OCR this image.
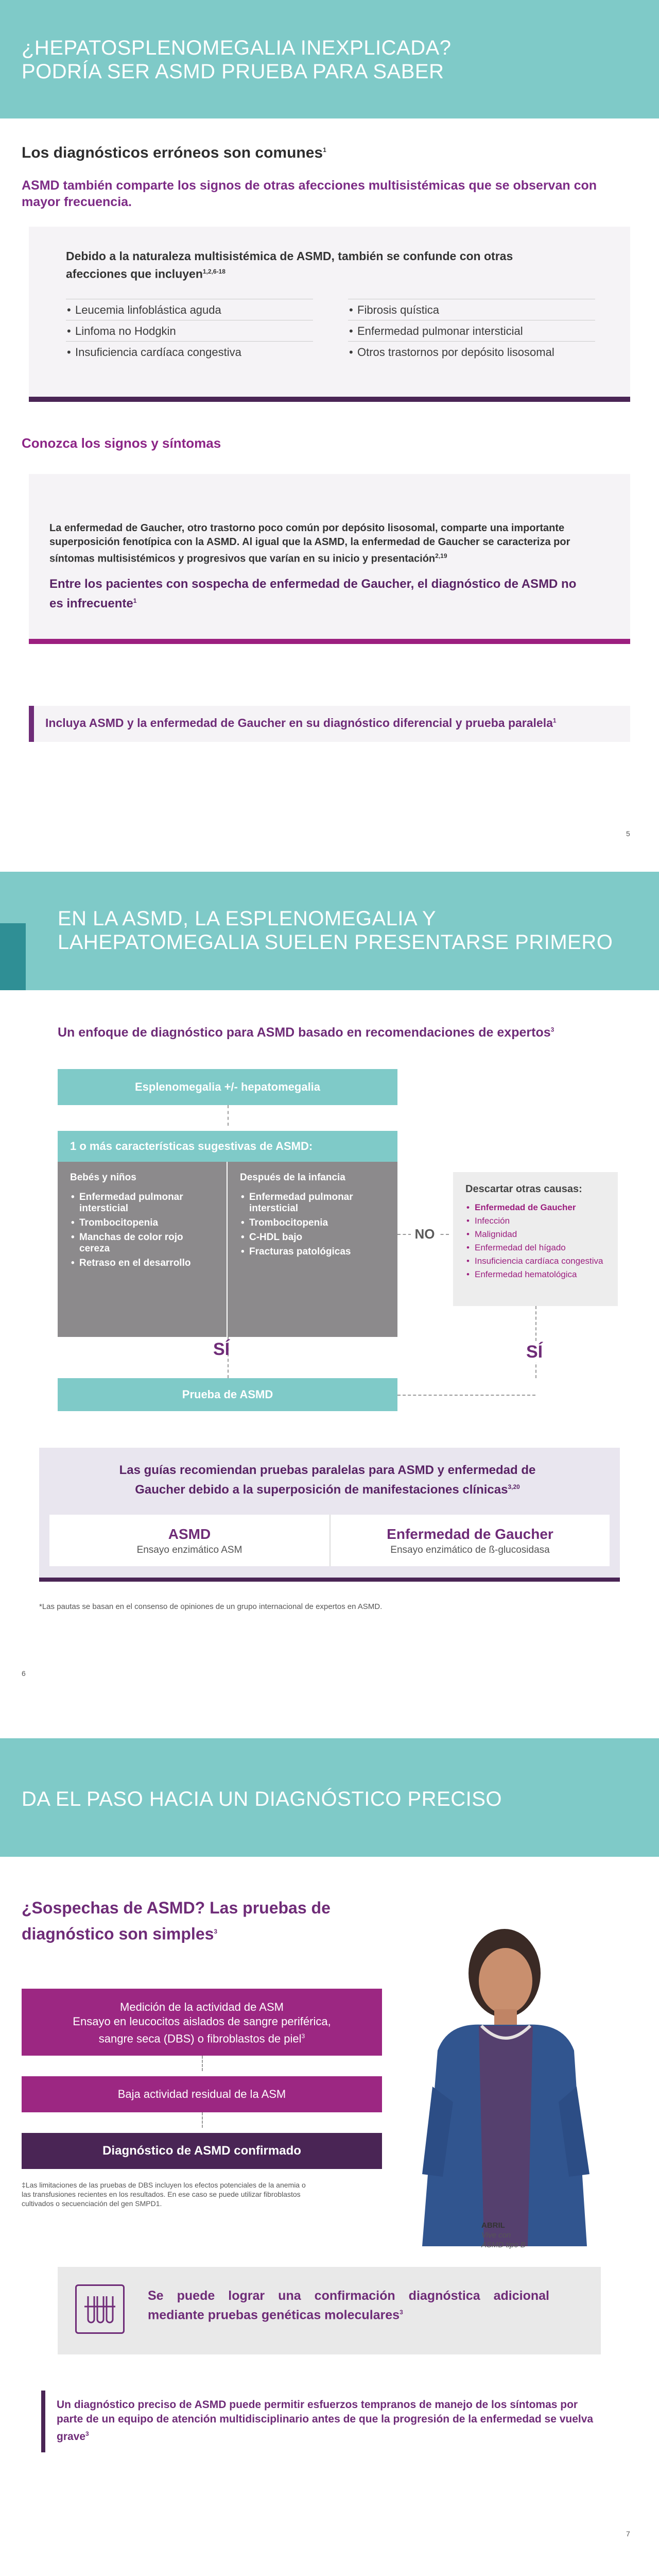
¿HEPATOSPLENOMEGALIA INEXPLICADA?
PODRÍA SER ASMD PRUEBA PARA SABER
Los diagnósticos erróneos son comunes$^1$
ASMD también comparte los signos de otras afecciones multisistémicas que se observan con mayor frecuencia.
Debido a la naturaleza multisistémica de ASMD, también se confunde con otras afecciones que incluyen$^{1,2,6-18}$
• Leucemia linfoblástica aguda
• Linfoma no Hodgkin
• Insuficiencia cardíaca congestiva
• Fibrosis quística
• Enfermedad pulmonar intersticial
• Otros trastornos por depósito lisosomal
Conozca los signos y síntomas
La enfermedad de Gaucher, otro trastorno poco común por depósito lisosomal, comparte una importante superposición fenotípica con la ASMD. Al igual que la ASMD, la enfermedad de Gaucher se caracteriza por síntomas multisistémicos y progresivos que varían en su inicio y presentación$^{2,19}$
Entre los pacientes con sospecha de enfermedad de Gaucher, el diagnóstico de ASMD no es infrecuente$^1$
Incluya ASMD y la enfermedad de Gaucher en su diagnóstico diferencial y prueba paralela$^1$
5
EN LA ASMD, LA ESPLENOMEGALIA Y
LAHEPATOMEGALIA SUELEN PRESENTARSE PRIMERO
Un enfoque de diagnóstico para ASMD basado en recomendaciones de expertos$^3$
Esplenomegalia +/- hepatomegalia
1 o más características sugestivas de ASMD:
Bebés y niños
• Enfermedad pulmonar intersticial
• Trombocitopenia
• Manchas de color rojo cereza
• Retraso en el desarrollo
Después de la infancia
• Enfermedad pulmonar intersticial
• Trombocitopenia
• C-HDL bajo
• Fracturas patológicas
NO
Descartar otras causas:
• Enfermedad de Gaucher
• Infección
• Malignidad
• Enfermedad del hígado
• Insuficiencia cardíaca congestiva
• Enfermedad hematológica
SÍ	SÍ
Prueba de ASMD
Las guías recomiendan pruebas paralelas para ASMD y enfermedad de Gaucher debido a la superposición de manifestaciones clínicas$^{3,20}$
ASMD
Ensayo enzimático ASM
Enfermedad de Gaucher
Ensayo enzimático de ß-glucosidasa
*Las pautas se basan en el consenso de opiniones de un grupo internacional de expertos en ASMD.
6
DA EL PASO HACIA UN DIAGNÓSTICO PRECISO
¿Sospechas de ASMD? Las pruebas de
diagnóstico son simples$^3$
Medición de la actividad de ASM
Ensayo en leucocitos aislados de sangre periférica,
sangre seca (DBS) o fibroblastos de piel$^3$
Baja actividad residual de la ASM
Diagnóstico de ASMD confirmado
‡Las limitaciones de las pruebas de DBS incluyen los efectos potenciales de la anemia o las transfusiones recientes en los resultados. En ese caso se puede utilizar fibroblastos cultivados o secuenciación del gen SMPD1.
ABRIL
Vive con
ASMD tipo B
Se puede lograr una confirmación diagnóstica adicional mediante pruebas genéticas moleculares$^3$
Un diagnóstico preciso de ASMD puede permitir esfuerzos tempranos de manejo de los síntomas por parte de un equipo de atención multidisciplinario antes de que la progresión de la enfermedad se vuelva grave$^3$
7
